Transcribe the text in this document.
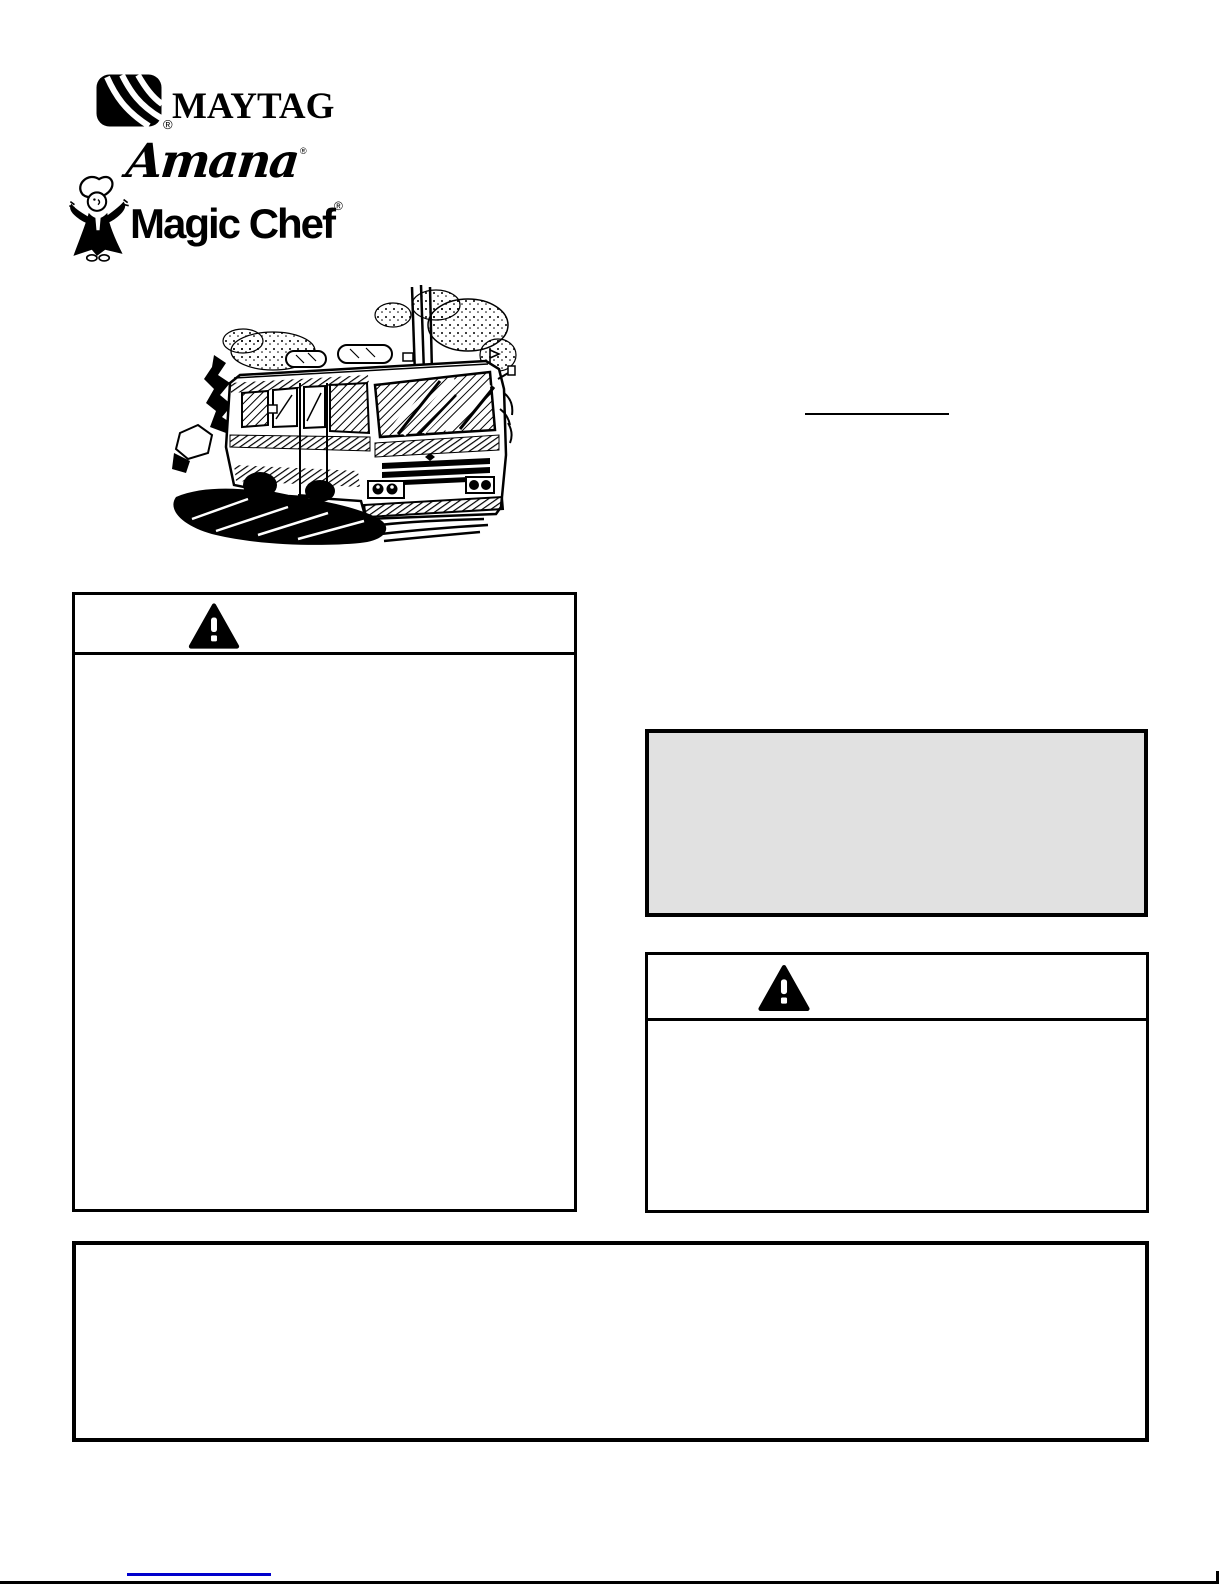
® MAYTAG
Amana ®
Magic Chef®
